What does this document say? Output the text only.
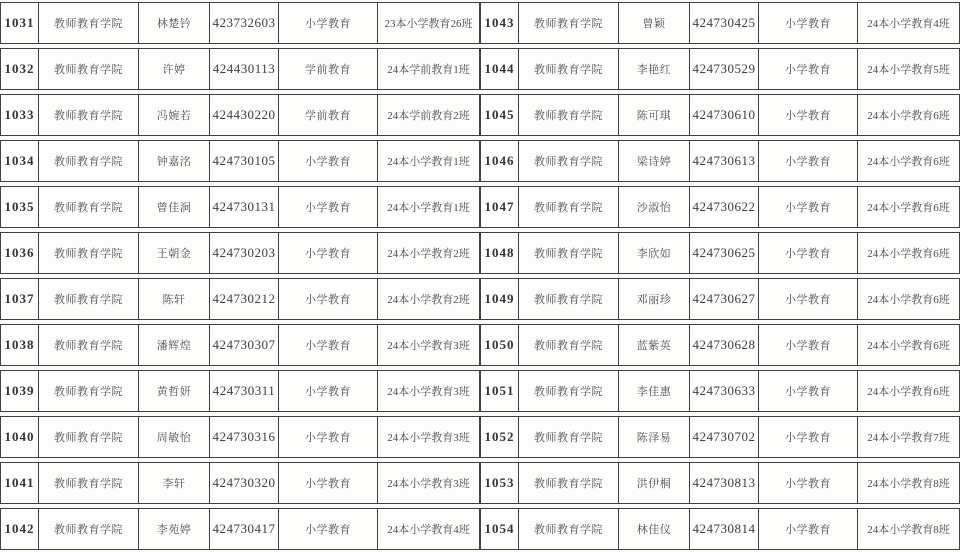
1031	教师教育学院	林楚钤	423732603	小学教育	23本小学教育26班
1032	教师教育学院	许婷	424430113	学前教育	24本学前教育1班
1033	教师教育学院	冯婉若	424430220	学前教育	24本学前教育2班
1034	教师教育学院	钟嘉洺	424730105	小学教育	24本小学教育1班
1035	教师教育学院	曾佳涧	424730131	小学教育	24本小学教育1班
1036	教师教育学院	王朝金	424730203	小学教育	24本小学教育2班
1037	教师教育学院	陈轩	424730212	小学教育	24本小学教育2班
1038	教师教育学院	潘辉煌	424730307	小学教育	24本小学教育3班
1039	教师教育学院	黄哲妍	424730311	小学教育	24本小学教育3班
1040	教师教育学院	周敏怡	424730316	小学教育	24本小学教育3班
1041	教师教育学院	李轩	424730320	小学教育	24本小学教育3班
1042	教师教育学院	李苑婷	424730417	小学教育	24本小学教育4班
1043	教师教育学院	曾颖	424730425	小学教育	24本小学教育4班
1044	教师教育学院	李艳红	424730529	小学教育	24本小学教育5班
1045	教师教育学院	陈可琪	424730610	小学教育	24本小学教育6班
1046	教师教育学院	梁诗婷	424730613	小学教育	24本小学教育6班
1047	教师教育学院	沙淑怡	424730622	小学教育	24本小学教育6班
1048	教师教育学院	李欣如	424730625	小学教育	24本小学教育6班
1049	教师教育学院	邓丽珍	424730627	小学教育	24本小学教育6班
1050	教师教育学院	蓝紫英	424730628	小学教育	24本小学教育6班
1051	教师教育学院	李佳惠	424730633	小学教育	24本小学教育6班
1052	教师教育学院	陈泽易	424730702	小学教育	24本小学教育7班
1053	教师教育学院	洪伊桐	424730813	小学教育	24本小学教育8班
1054	教师教育学院	林佳仪	424730814	小学教育	24本小学教育8班
